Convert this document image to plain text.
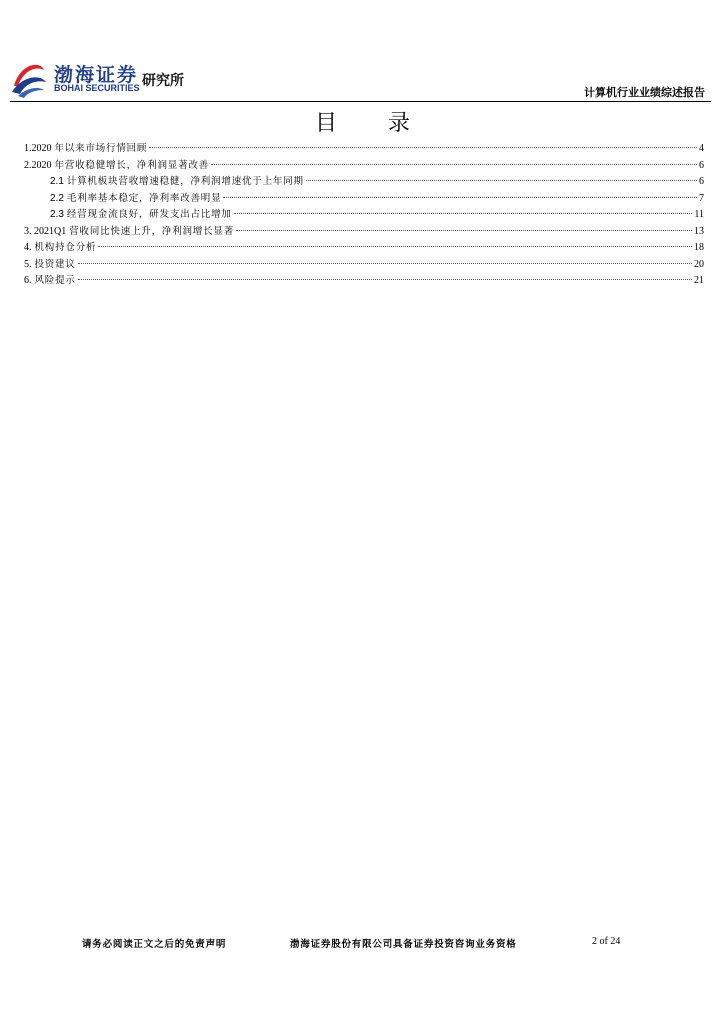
渤海证券
BOHAI SECURITIES 研究所
计算机行业业绩综述报告
目 录
1.2020 年以来市场行情回顾	4
2.2020 年营收稳健增长，净利润显著改善	6
2.1 计算机板块营收增速稳健，净利润增速优于上年同期	6
2.2 毛利率基本稳定，净利率改善明显	7
2.3 经营现金流良好，研发支出占比增加	11
3. 2021Q1 营收同比快速上升，净利润增长显著	13
4. 机构持仓分析	18
5. 投资建议	20
6. 风险提示	21
请务必阅读正文之后的免责声明	渤海证券股份有限公司具备证券投资咨询业务资格	2 of 24
